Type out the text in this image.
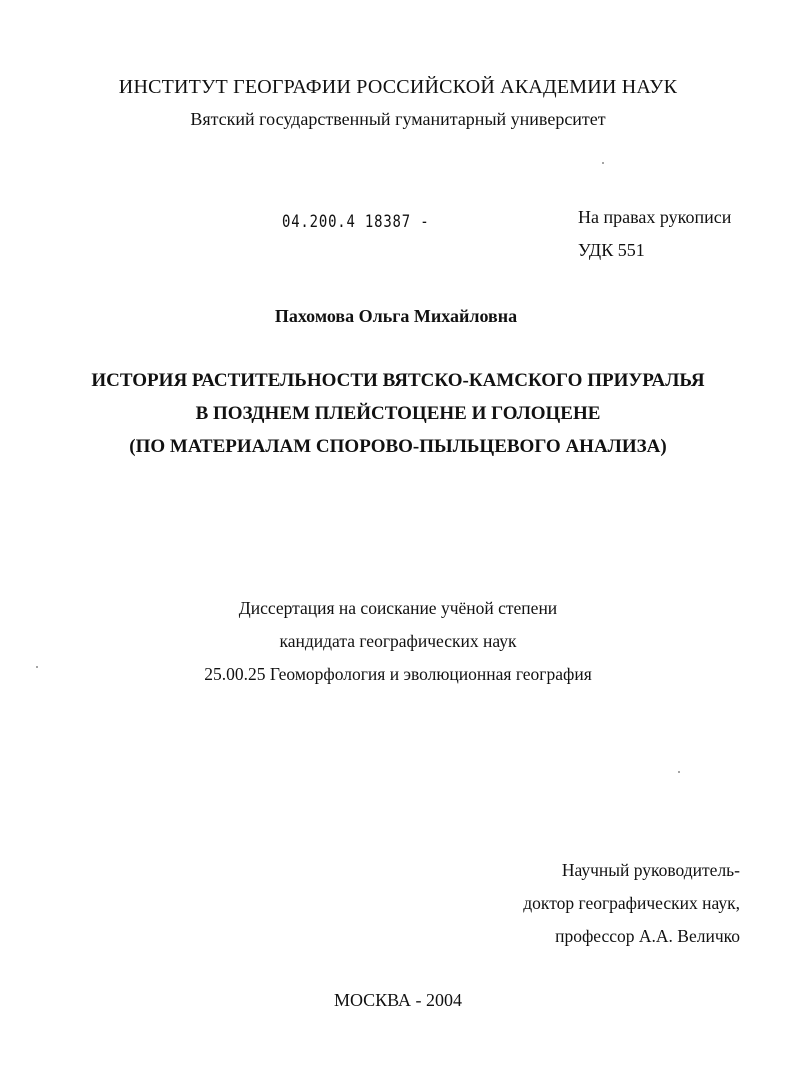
ИНСТИТУТ ГЕОГРАФИИ РОССИЙСКОЙ АКАДЕМИИ НАУК
Вятский государственный гуманитарный университет
04.200.4 18387 -	На правах рукописи
УДК 551
Пахомова Ольга Михайловна
ИСТОРИЯ РАСТИТЕЛЬНОСТИ ВЯТСКО-КАМСКОГО ПРИУРАЛЬЯ
В ПОЗДНЕМ ПЛЕЙСТОЦЕНЕ И ГОЛОЦЕНЕ
(ПО МАТЕРИАЛАМ СПОРОВО-ПЫЛЬЦЕВОГО АНАЛИЗА)
Диссертация на соискание учёной степени
кандидата географических наук
25.00.25 Геоморфология и эволюционная география
Научный руководитель-
доктор географических наук,
профессор А.А. Величко
МОСКВА - 2004
